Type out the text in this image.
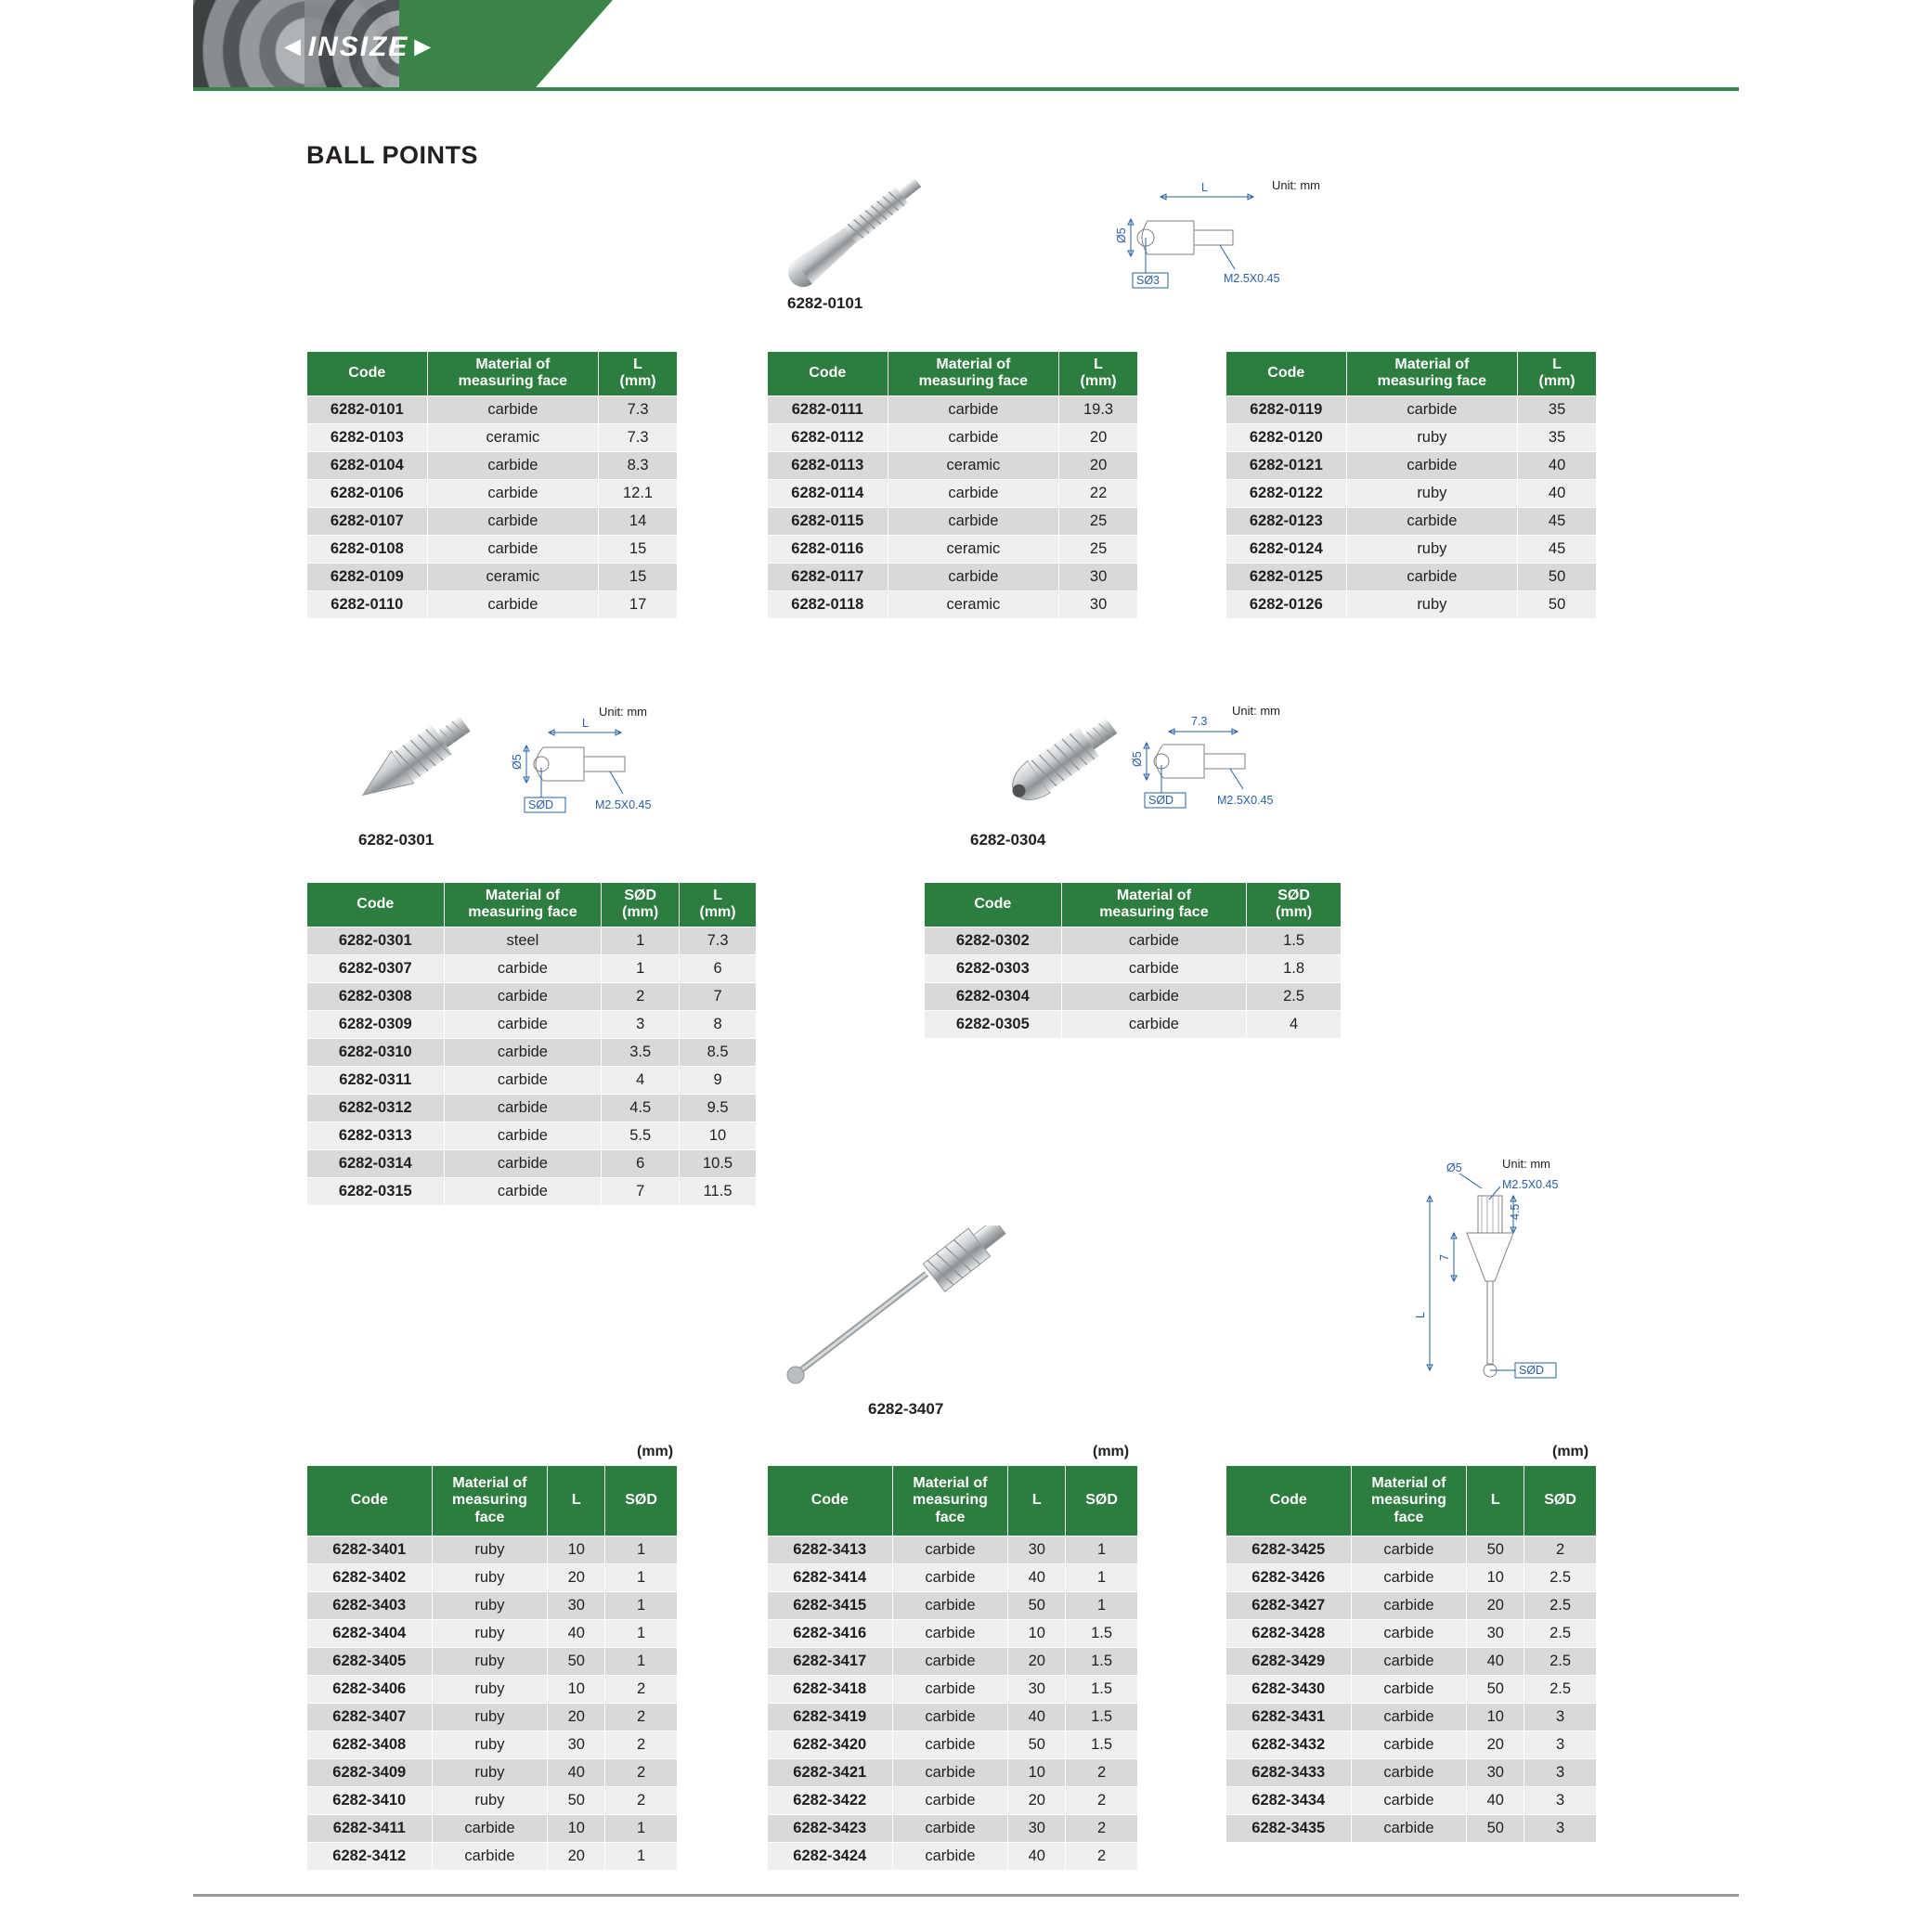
◄INSIZE►
BALL POINTS
6282-0101
Unit: mm
L
Ø5
SØ3	M2.5X0.45
Code	Material of
measuring face	L
(mm)
6282-0101	carbide	7.3
6282-0103	ceramic	7.3
6282-0104	carbide	8.3
6282-0106	carbide	12.1
6282-0107	carbide	14
6282-0108	carbide	15
6282-0109	ceramic	15
6282-0110	carbide	17
Code	Material of
measuring face	L
(mm)
6282-0111	carbide	19.3
6282-0112	carbide	20
6282-0113	ceramic	20
6282-0114	carbide	22
6282-0115	carbide	25
6282-0116	ceramic	25
6282-0117	carbide	30
6282-0118	ceramic	30
Code	Material of
measuring face	L
(mm)
6282-0119	carbide	35
6282-0120	ruby	35
6282-0121	carbide	40
6282-0122	ruby	40
6282-0123	carbide	45
6282-0124	ruby	45
6282-0125	carbide	50
6282-0126	ruby	50
6282-0301
Unit: mm
L
Ø5
SØD	M2.5X0.45
6282-0304
Unit: mm
7.3
Ø5
SØD	M2.5X0.45
Code	Material of
measuring face	SØD
(mm)	L
(mm)
6282-0301	steel	1	7.3
6282-0307	carbide	1	6
6282-0308	carbide	2	7
6282-0309	carbide	3	8
6282-0310	carbide	3.5	8.5
6282-0311	carbide	4	9
6282-0312	carbide	4.5	9.5
6282-0313	carbide	5.5	10
6282-0314	carbide	6	10.5
6282-0315	carbide	7	11.5
Code	Material of
measuring face	SØD
(mm)
6282-0302	carbide	1.5
6282-0303	carbide	1.8
6282-0304	carbide	2.5
6282-0305	carbide	4
6282-3407
Unit: mm
Ø5
M2.5X0.45
4.5
7
L
SØD
(mm)	(mm)	(mm)
Code	Material of
measuring
face	L	SØD
6282-3401	ruby	10	1
6282-3402	ruby	20	1
6282-3403	ruby	30	1
6282-3404	ruby	40	1
6282-3405	ruby	50	1
6282-3406	ruby	10	2
6282-3407	ruby	20	2
6282-3408	ruby	30	2
6282-3409	ruby	40	2
6282-3410	ruby	50	2
6282-3411	carbide	10	1
6282-3412	carbide	20	1
Code	Material of
measuring
face	L	SØD
6282-3413	carbide	30	1
6282-3414	carbide	40	1
6282-3415	carbide	50	1
6282-3416	carbide	10	1.5
6282-3417	carbide	20	1.5
6282-3418	carbide	30	1.5
6282-3419	carbide	40	1.5
6282-3420	carbide	50	1.5
6282-3421	carbide	10	2
6282-3422	carbide	20	2
6282-3423	carbide	30	2
6282-3424	carbide	40	2
Code	Material of
measuring
face	L	SØD
6282-3425	carbide	50	2
6282-3426	carbide	10	2.5
6282-3427	carbide	20	2.5
6282-3428	carbide	30	2.5
6282-3429	carbide	40	2.5
6282-3430	carbide	50	2.5
6282-3431	carbide	10	3
6282-3432	carbide	20	3
6282-3433	carbide	30	3
6282-3434	carbide	40	3
6282-3435	carbide	50	3
